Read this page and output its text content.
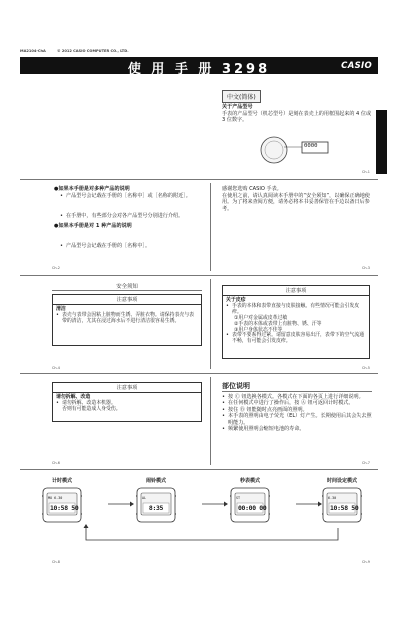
MA2104-ChA	© 2012 CASIO COMPUTER CO., LTD.
使 用 手 册 3298	CASIO
中文(简体)
关于产品型号
手表的产品型号（机芯型号）是刻在表壳上的用框围起来的 4 位或 3 位数字。
0000
Ch-1
●如果本手册是对多种产品的说明
• 产品型号会记载在手册的［名称中］或［名称的附近］。
• 在手册中，有些部分会对各产品型号分别进行介绍。
●如果本手册是对 1 种产品的说明
• 产品型号会记载在手册的［名称中］。
Ch-2
感谢您选购 CASIO 手表。
在使用之前，请认真阅读本手册中的“安全须知”，以确保正确地使用。为了将来查阅方便，请务必将本书妥善保管在手边以备日后参考。
Ch-3
安全须知
注意事项
清洁
• 表壳与表带会因粘上脏物而生锈、弄脏衣物。请保持表壳与表带的清洁，尤其在浸过海水后不进行清洁很容易生锈。
Ch-4
注意事项
关于皮疹
• 手表的本体和表带直接与皮肤接触。有些情况可能会引发皮疹。
①用户对金属或皮革过敏
②手表的本体或表带上有脏物、锈、汗等
③用户身体状态不佳等
• 表带不要系得过紧。请留意皮肤容易出汗，表带下的空气流通不畅，有可能会引发皮疹。
Ch-5
注意事项
请勿拆解、改造
• 请勿拆解、改造本机器。
否则有可能造成人身受伤。
Ch-6
部位说明
• 按 Ⓒ 钮选换各模式。各模式在下面的各页上进行详细说明。
• 在任何模式中进行了操作后，按 Ⓐ 钮可返回计时模式。
• 按住 Ⓑ 钮能随时点亮画面的照明。
• 本手表的照明由电子荧光（EL）灯产生。长期使用后其会失去照明能力。
• 频繁使用照明会缩短电池的寿命。
Ch-7
计时模式
MO 6-30
10:58 50
闹铃模式
AL
8:35
秒表模式
ST
00:00 00
时间设定模式
6-30
10:58 50
Ch-8	Ch-9
